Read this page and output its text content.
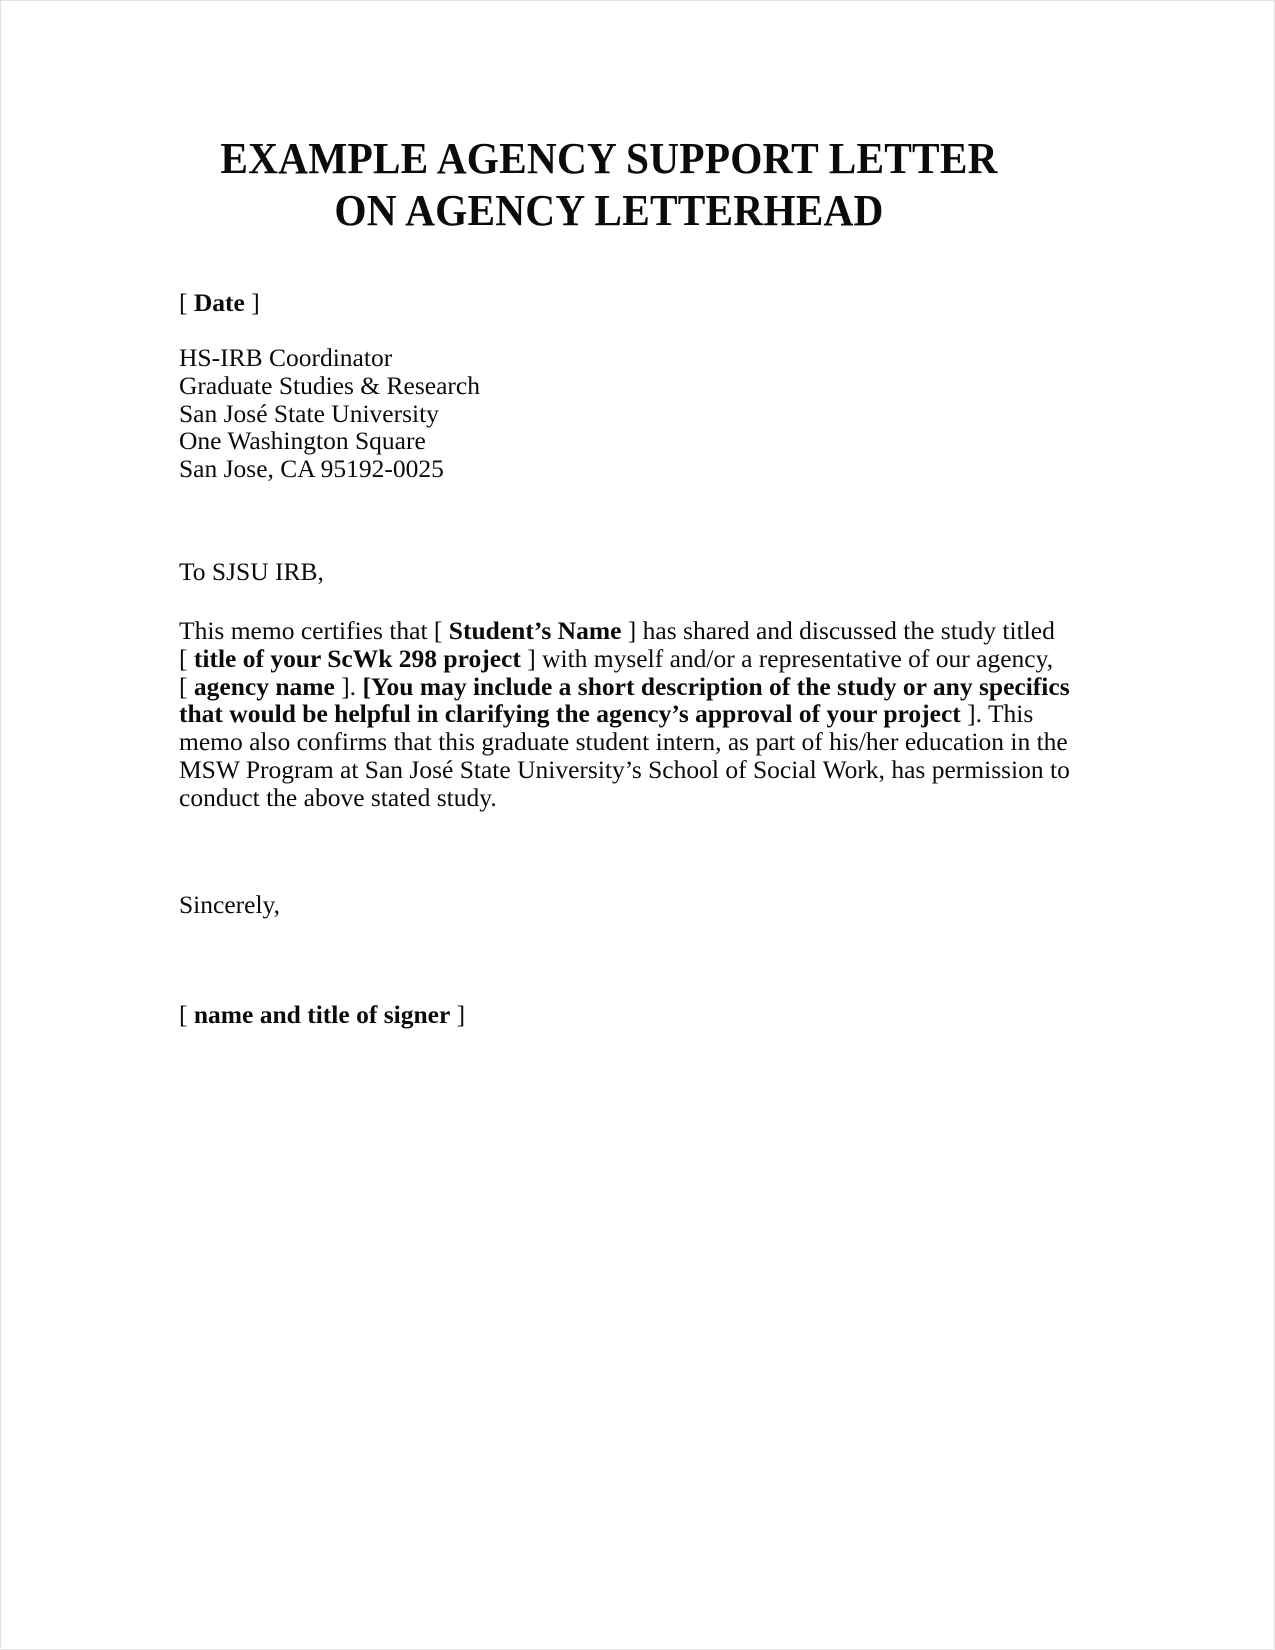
EXAMPLE AGENCY SUPPORT LETTER
ON AGENCY LETTERHEAD
[ Date ]
HS-IRB Coordinator
Graduate Studies & Research
San José State University
One Washington Square
San Jose, CA 95192-0025
To SJSU IRB,
This memo certifies that [ Student’s Name ] has shared and discussed the study titled
[ title of your ScWk 298 project ] with myself and/or a representative of our agency,
[ agency name ]. [You may include a short description of the study or any specifics
that would be helpful in clarifying the agency’s approval of your project ]. This
memo also confirms that this graduate student intern, as part of his/her education in the
MSW Program at San José State University’s School of Social Work, has permission to
conduct the above stated study.
Sincerely,
[ name and title of signer ]
